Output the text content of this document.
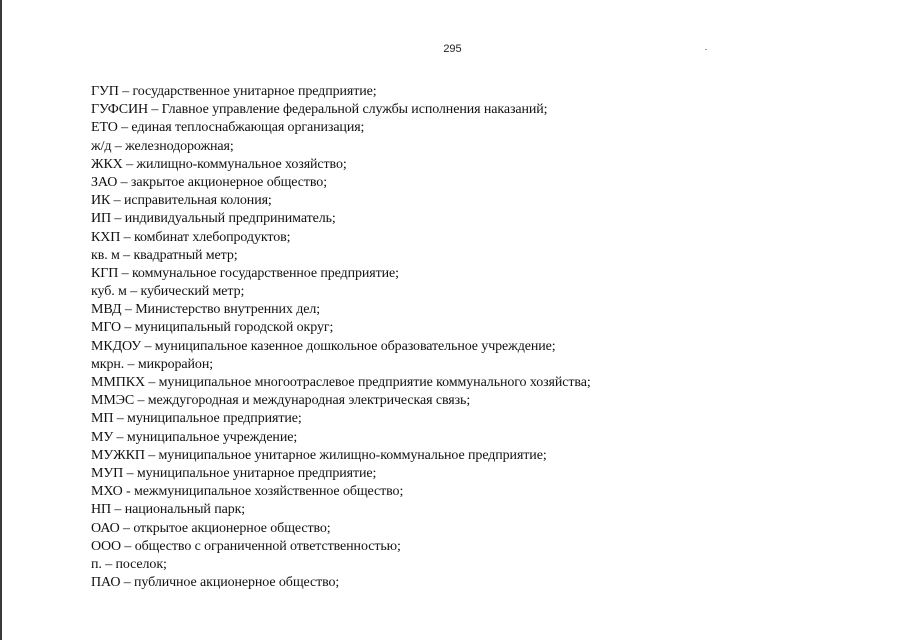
295
ГУП – государственное унитарное предприятие;
ГУФСИН – Главное управление федеральной службы исполнения наказаний;
ЕТО – единая теплоснабжающая организация;
ж/д – железнодорожная;
ЖКХ – жилищно-коммунальное хозяйство;
ЗАО – закрытое акционерное общество;
ИК – исправительная колония;
ИП – индивидуальный предприниматель;
КХП – комбинат хлебопродуктов;
кв. м – квадратный метр;
КГП – коммунальное государственное предприятие;
куб. м – кубический метр;
МВД – Министерство внутренних дел;
МГО – муниципальный городской округ;
МКДОУ – муниципальное казенное дошкольное образовательное учреждение;
мкрн. – микрорайон;
ММПКХ – муниципальное многоотраслевое предприятие коммунального хозяйства;
ММЭС – междугородная и международная электрическая связь;
МП – муниципальное предприятие;
МУ – муниципальное учреждение;
МУЖКП – муниципальное унитарное жилищно-коммунальное предприятие;
МУП – муниципальное унитарное предприятие;
МХО - межмуниципальное хозяйственное общество;
НП – национальный парк;
ОАО – открытое акционерное общество;
ООО – общество с ограниченной ответственностью;
п. – поселок;
ПАО – публичное акционерное общество;
